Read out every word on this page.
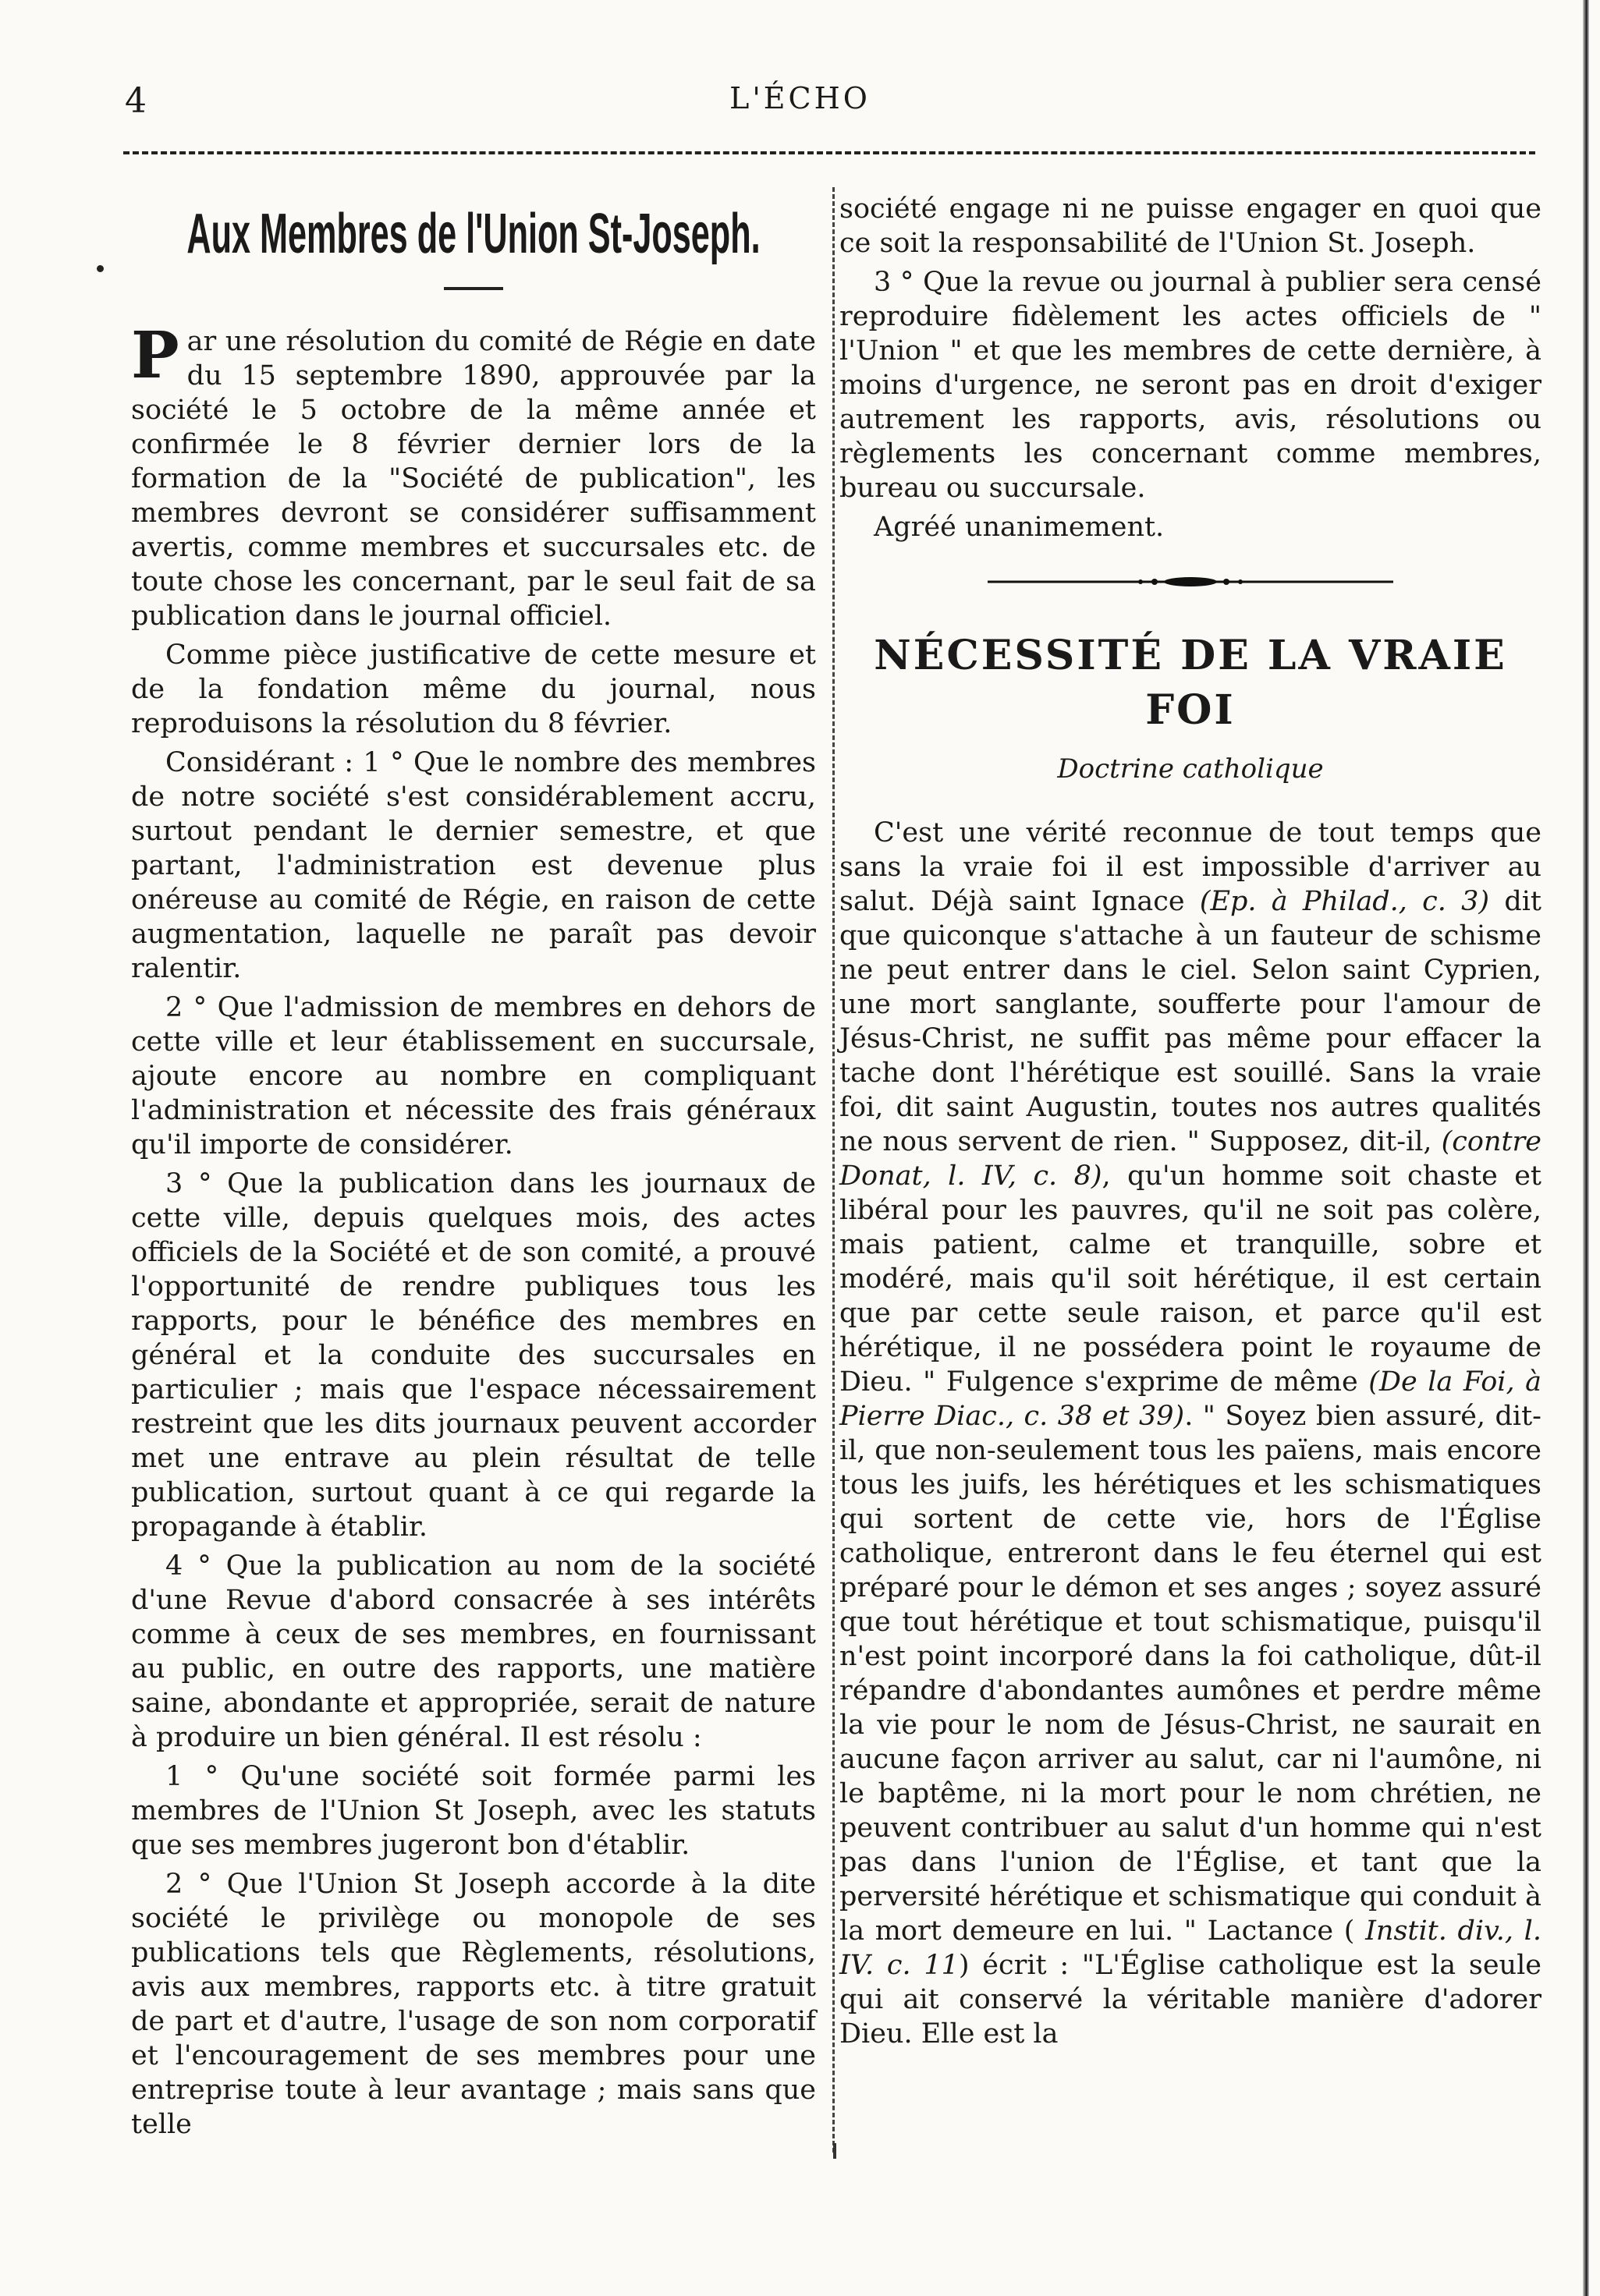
4	L'ÉCHO
Aux Membres de l'Union St-Joseph.

Par une résolution du comité de Régie en date du 15 septembre 1890, approuvée par la société le 5 octobre de la même année et confirmée le 8 février dernier lors de la formation de la "Société de publication", les membres devront se considérer suffisamment avertis, comme membres et succursales etc. de toute chose les concernant, par le seul fait de sa publication dans le journal officiel.

Comme pièce justificative de cette mesure et de la fondation même du journal, nous reproduisons la résolution du 8 février.

Considérant : 1 ° Que le nombre des membres de notre société s'est considérablement accru, surtout pendant le dernier semestre, et que partant, l'administration est devenue plus onéreuse au comité de Régie, en raison de cette augmentation, laquelle ne paraît pas devoir ralentir.

2 ° Que l'admission de membres en dehors de cette ville et leur établissement en succursale, ajoute encore au nombre en compliquant l'administration et nécessite des frais généraux qu'il importe de considérer.

3 ° Que la publication dans les journaux de cette ville, depuis quelques mois, des actes officiels de la Société et de son comité, a prouvé l'opportunité de rendre publiques tous les rapports, pour le bénéfice des membres en général et la conduite des succursales en particulier ; mais que l'espace nécessairement restreint que les dits journaux peuvent accorder met une entrave au plein résultat de telle publication, surtout quant à ce qui regarde la propagande à établir.

4 ° Que la publication au nom de la société d'une Revue d'abord consacrée à ses intérêts comme à ceux de ses membres, en fournissant au public, en outre des rapports, une matière saine, abondante et appropriée, serait de nature à produire un bien général. Il est résolu :

1 ° Qu'une société soit formée parmi les membres de l'Union St Joseph, avec les statuts que ses membres jugeront bon d'établir.

2 ° Que l'Union St Joseph accorde à la dite société le privilège ou monopole de ses publications tels que Règlements, résolutions, avis aux membres, rapports etc. à titre gratuit de part et d'autre, l'usage de son nom corporatif et l'encouragement de ses membres pour une entreprise toute à leur avantage ; mais sans que telle

société engage ni ne puisse engager en quoi que ce soit la responsabilité de l'Union St. Joseph.

3 ° Que la revue ou journal à publier sera censé reproduire fidèlement les actes officiels de " l'Union " et que les membres de cette dernière, à moins d'urgence, ne seront pas en droit d'exiger autrement les rapports, avis, résolutions ou règlements les concernant comme membres, bureau ou succursale.

Agréé unanimement.

NÉCESSITÉ DE LA VRAIE FOI
Doctrine catholique

C'est une vérité reconnue de tout temps que sans la vraie foi il est impossible d'arriver au salut. Déjà saint Ignace (Ep. à Philad., c. 3) dit que quiconque s'attache à un fauteur de schisme ne peut entrer dans le ciel. Selon saint Cyprien, une mort sanglante, soufferte pour l'amour de Jésus-Christ, ne suffit pas même pour effacer la tache dont l'hérétique est souillé. Sans la vraie foi, dit saint Augustin, toutes nos autres qualités ne nous servent de rien. " Supposez, dit-il, (contre Donat, l. IV, c. 8), qu'un homme soit chaste et libéral pour les pauvres, qu'il ne soit pas colère, mais patient, calme et tranquille, sobre et modéré, mais qu'il soit hérétique, il est certain que par cette seule raison, et parce qu'il est hérétique, il ne possédera point le royaume de Dieu. " Fulgence s'exprime de même (De la Foi, à Pierre Diac., c. 38 et 39). " Soyez bien assuré, dit-il, que non-seulement tous les païens, mais encore tous les juifs, les hérétiques et les schismatiques qui sortent de cette vie, hors de l'Église catholique, entreront dans le feu éternel qui est préparé pour le démon et ses anges ; soyez assuré que tout hérétique et tout schismatique, puisqu'il n'est point incorporé dans la foi catholique, dût-il répandre d'abondantes aumônes et perdre même la vie pour le nom de Jésus-Christ, ne saurait en aucune façon arriver au salut, car ni l'aumône, ni le baptême, ni la mort pour le nom chrétien, ne peuvent contribuer au salut d'un homme qui n'est pas dans l'union de l'Église, et tant que la perversité hérétique et schismatique qui conduit à la mort demeure en lui. " Lactance ( Instit. div., l. IV. c. 11) écrit : "L'Église catholique est la seule qui ait conservé la véritable manière d'adorer Dieu. Elle est la
